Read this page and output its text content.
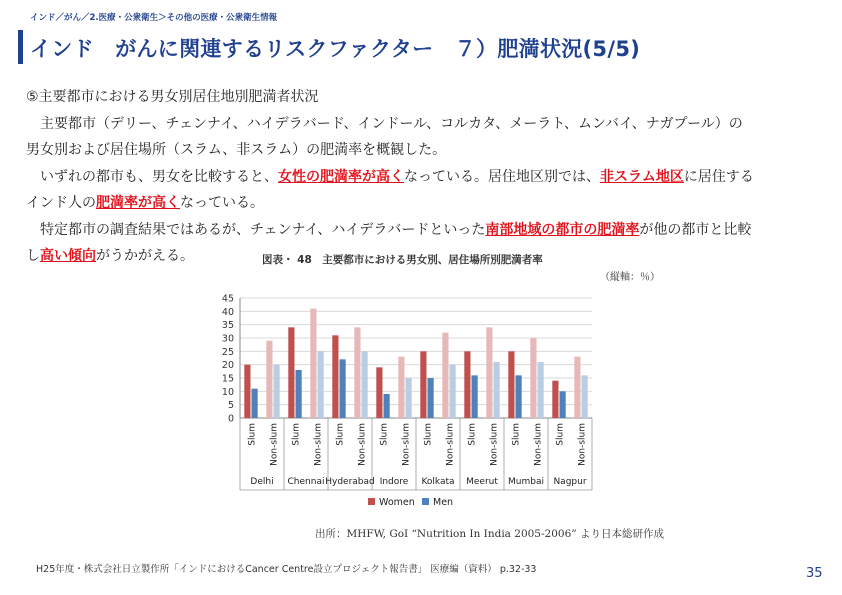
インド／がん／2.医療・公衆衛生＞その他の医療・公衆衛生情報
インド　がんに関連するリスクファクター　７）肥満状況(5/5)

⑤主要都市における男女別居住地別肥満者状況

　主要都市（デリー、チェンナイ、ハイデラバード、インドール、コルカタ、メーラト、ムンバイ、ナガプール）の

男女別および居住場所（スラム、非スラム）の肥満率を概観した。

　いずれの都市も、男女を比較すると、女性の肥満率が高くなっている。居住地区別では、非スラム地区に居住する

インド人の肥満率が高くなっている。

　特定都市の調査結果ではあるが、チェンナイ、ハイデラバードといった南部地域の都市の肥満率が他の都市と比較

し高い傾向がうかがえる。	図表・ 48　主要都市における男女別、居住場所別肥満者率
（縦軸：％）
0
5
10
15
20
25
30
35
40
45
Slum Non-slum Slum Non-slum Slum Non-slum Slum Non-slum Slum Non-slum Slum Non-slum Slum Non-slum Slum Non-slum
Delhi Chennai Hyderabad Indore Kolkata Meerut Mumbai Nagpur
Women Men
出所：MHFW, GoI “Nutrition In India 2005-2006” より日本総研作成
H25年度・株式会社日立製作所「インドにおけるCancer Centre設立プロジェクト報告書」 医療編（資料） p.32-33	35
